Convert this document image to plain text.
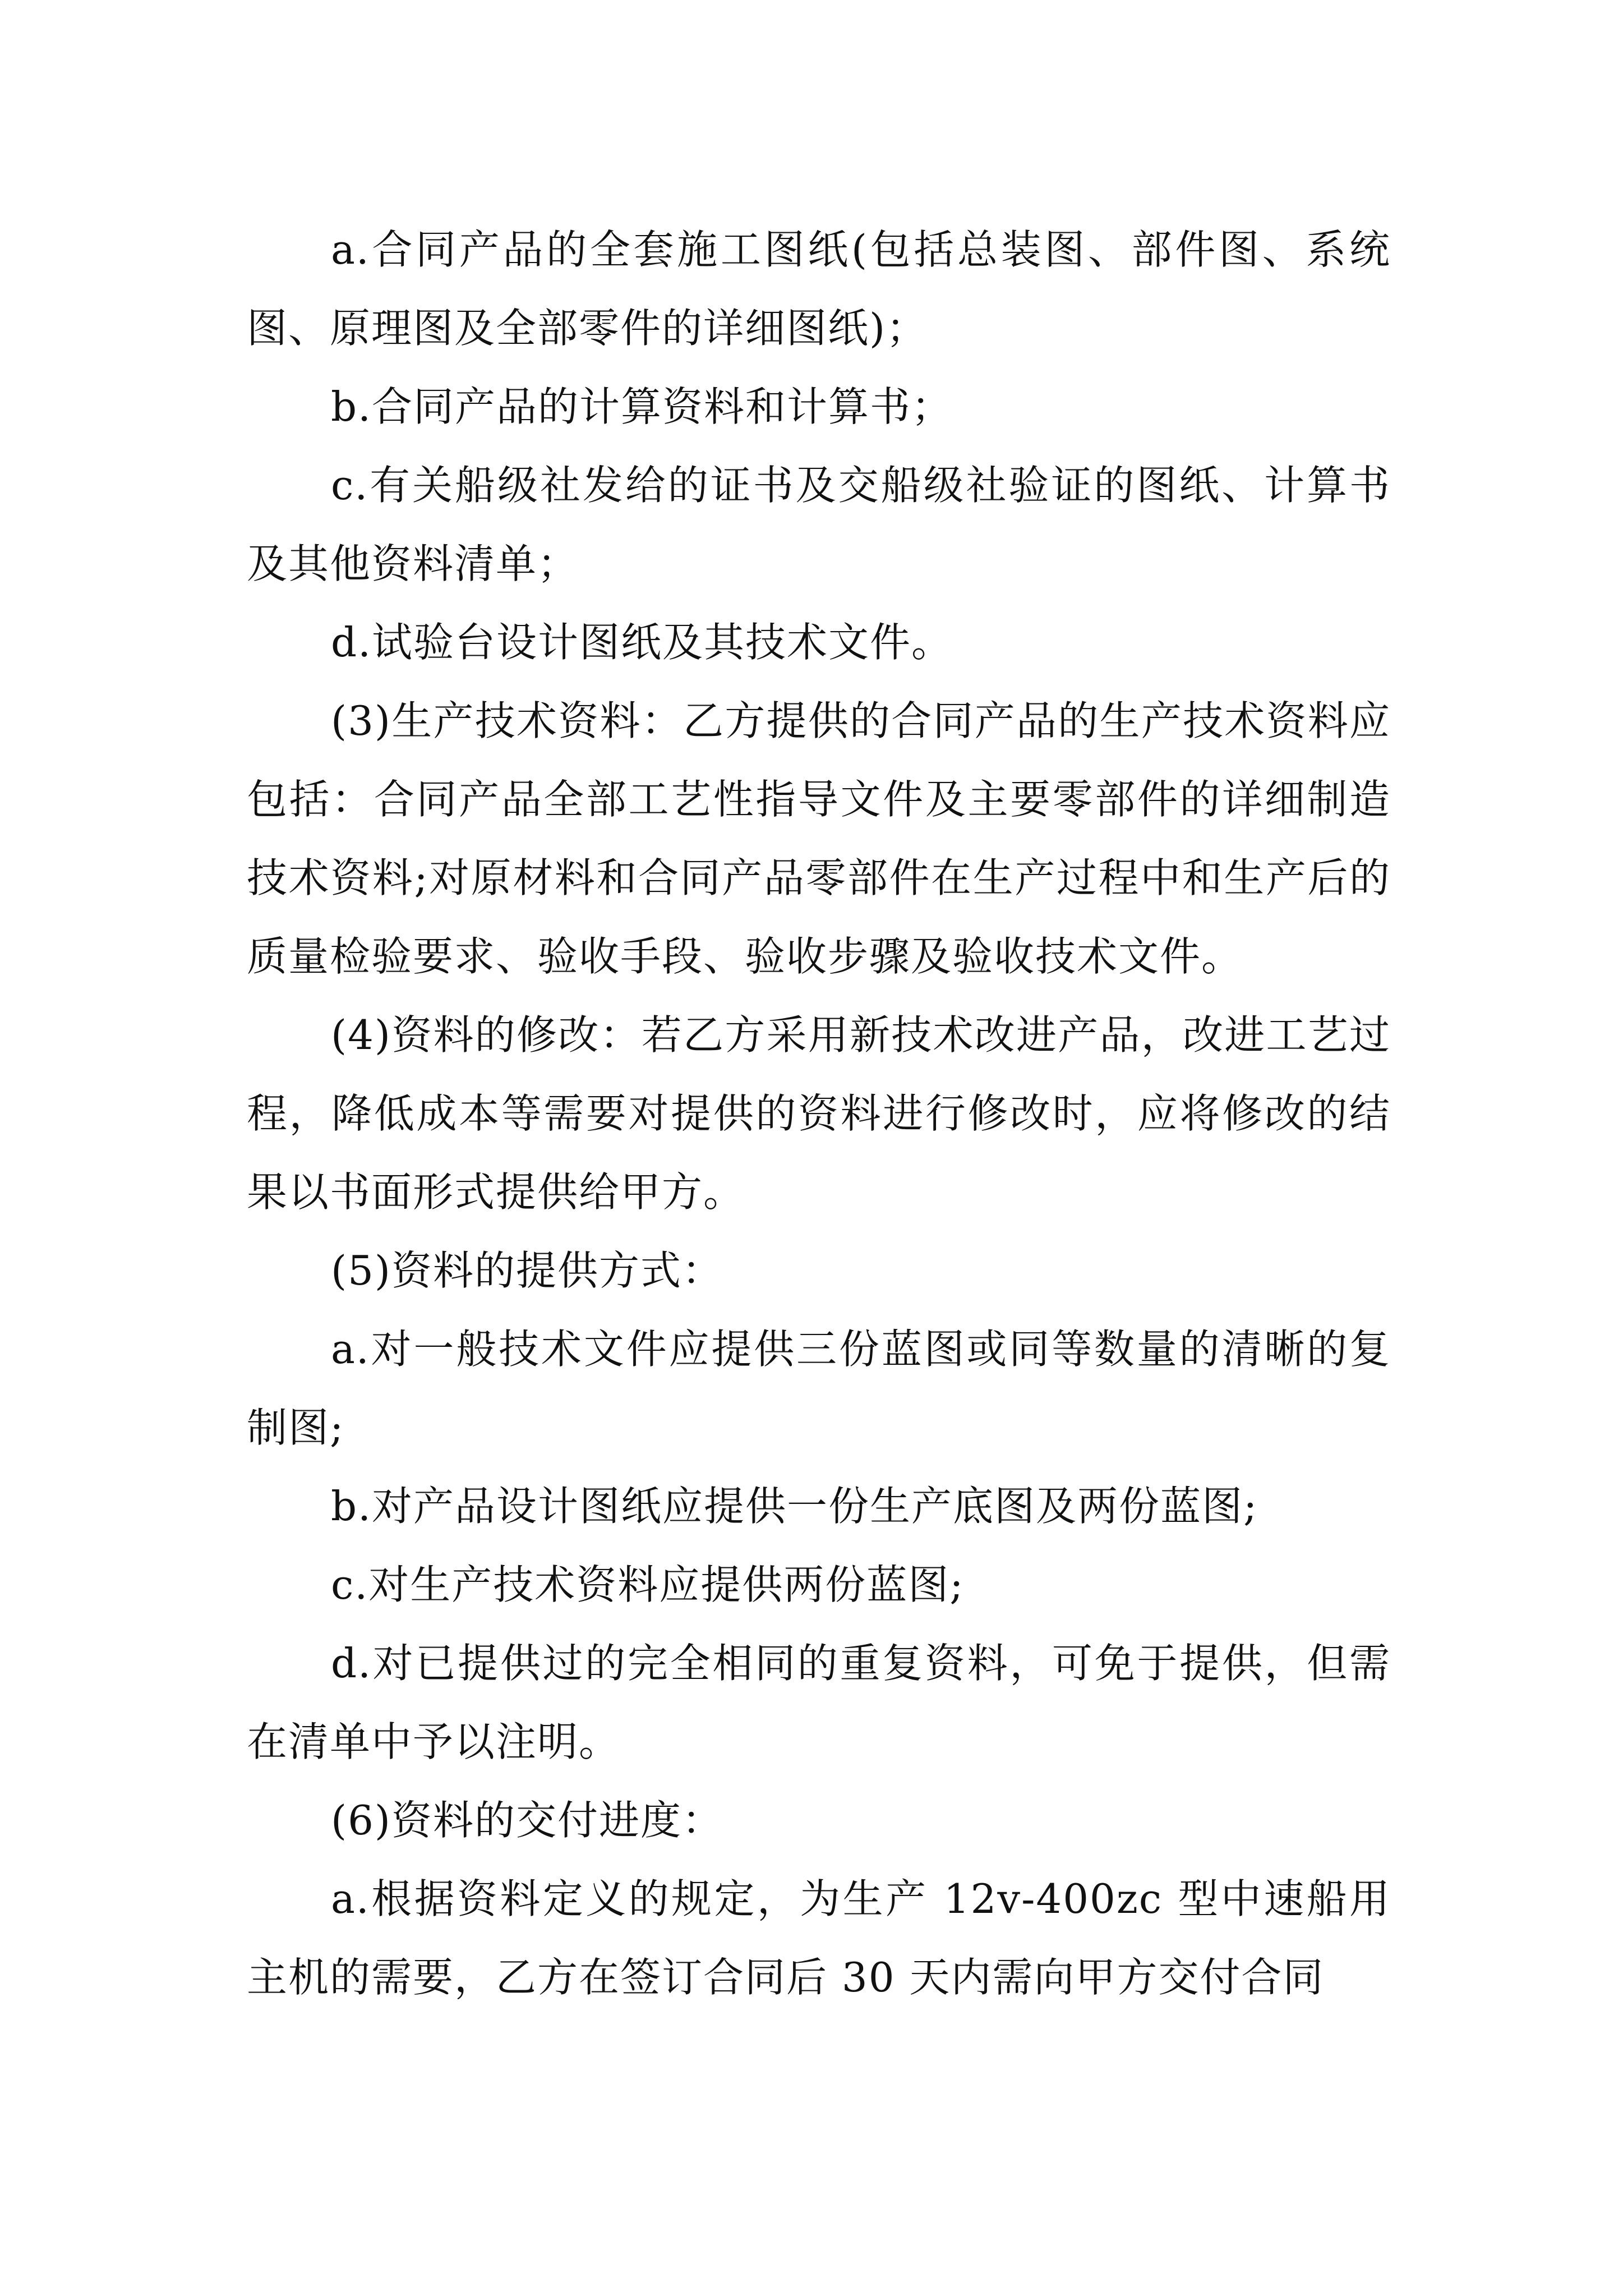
a.合同产品的全套施工图纸(包括总装图、部件图、系统图、原理图及全部零件的详细图纸)；

b.合同产品的计算资料和计算书；

c.有关船级社发给的证书及交船级社验证的图纸、计算书及其他资料清单；

d.试验台设计图纸及其技术文件。

(3)生产技术资料：乙方提供的合同产品的生产技术资料应包括：合同产品全部工艺性指导文件及主要零部件的详细制造技术资料;对原材料和合同产品零部件在生产过程中和生产后的质量检验要求、验收手段、验收步骤及验收技术文件。

(4)资料的修改：若乙方采用新技术改进产品，改进工艺过程，降低成本等需要对提供的资料进行修改时，应将修改的结果以书面形式提供给甲方。

(5)资料的提供方式：

a.对一般技术文件应提供三份蓝图或同等数量的清晰的复制图;

b.对产品设计图纸应提供一份生产底图及两份蓝图;

c.对生产技术资料应提供两份蓝图;

d.对已提供过的完全相同的重复资料，可免于提供，但需在清单中予以注明。

(6)资料的交付进度：

a.根据资料定义的规定，为生产 12v-400zc 型中速船用主机的需要，乙方在签订合同后 30 天内需向甲方交付合同
